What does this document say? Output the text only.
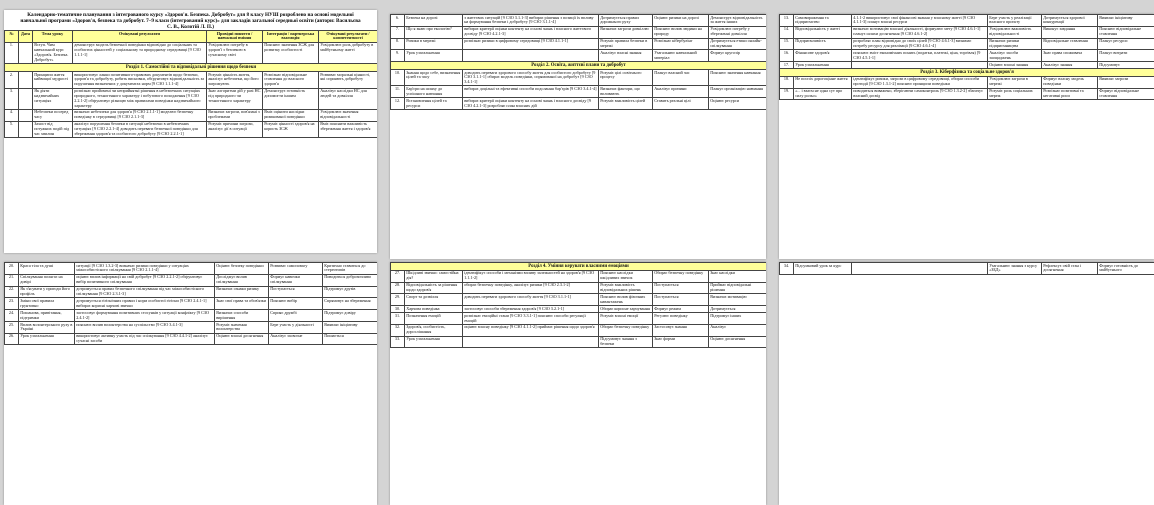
Календарно-тематичне планування з інтегрованого курсу «Здоров'я. Безпека. Добробут» для 8 класу НУШ розроблено на основі модельної навчальної програми «Здоров'я, безпека та добробут. 7–9 класи (інтегрований курс)» для закладів загальної середньої освіти (автори: Васильєва С. В., Колотій Л. П.)
№	Дата	Тема уроку	Очікувані результати	Провідні поняття / навчальні вміння	Інтеграція / партнерська взаємодія	Очікувані результати / компетентності
1.		Вступ. Чим навчальний курс «Здоров'я. Безпека. Добробут»	демонструє модель безпечної поведінки відповідно до соціальних та особистих цінностей у соціальному та природному середовищі [9 СЗО 1.1.1-1]	Усвідомлює потребу в здоров'ї з безпекою в сучасному світі	Пояснює значення ЗСЖ для розвитку особистості	Усвідомлює роль добробуту в майбутньому житті
Розділ 1. Самостійні та відповідальні рішення щодо безпеки						
2.		Принципи життя найвищої мудрості	використовує ланки позитивного-правових документів щодо безпеки, здоров'я та добробуту, робить висновки, обґрунтовує відповідальність за порушення визначених у документах норм [9 СЗО 1.1.1-4]	Розуміє цінність життя, аналізує небезпеки, що його загрожують	Розпізнає відповідальне ставлення до власного здоров'я	Розвиває моральні цінності, які сприяють добробуту
3.		Як діяти надзвичайних ситуаціях	розпізнає прийомені чи неприйнятні рішення в небезпечних ситуаціях природного, техногенного характеру і побутового походження [9 СЗО 2.2.1-2] обґрунтовує різницю між правилами поведінки надзвичайного характеру	Знає алгоритми дій у разі НС під природного чи техногенного характеру	Демонструє готовність допомогти іншим	Аналізує наслідки НС для людей та довкілля
4.		Небезпеки посеред часу	визначає небезпеки для здоров'я [9 СЗО 2.1.1-1] моделює безпечну поведінку в середовищі [9 СЗО 2.1.1-3]	Визначає загрози, пов'язані з проблемами	Вміє оцінити наслідки ризикованої поведінки	Усвідомлює значення відповідальності
5.		Захист від потужних подій під час хвилин	аналізує порушення безпеки в ситуації небезпеки в небезпечних ситуаціях [9 СЗО 2.2.1-4] доводить переваги безпечної поведінки для збереження здоров'я та особистого добробуту [9 СЗО 2.2.1-1]	Розуміє причини загрози, аналізує дії в ситуації	Розуміє цінності здоров'я на користь ЗСЖ	Вміє пояснити важливість збереження життя і здоров'я
6.	Безпека на дорозі	з життєвих ситуацій [9 СЗО 3.1.1-3] вибирає рішення з позиції їх впливу на формування безпеки і добробуту [9 СЗО 3.1.1-4]	Дотримується правил дорожнього руху	Оцінює ризики на дорозі	Демонструє відповідальність за життя інших
7.	Що я знаю про екологію?	вибирає критерії оцінки контенту на основі знань і власного життєвого досвіду [9 СЗО 4.2.1-3]	Визначає загрози довкіллю	Пояснює вплив людини на природу	Усвідомлює потребу у збереженні довкілля
8.	Ризики в мережі	розпізнає ризики в цифровому середовищі [9 СЗО 4.1.1-1]	Розуміє правила безпеки в мережі	Розпізнає кібербулінг	Дотримується етики онлайн-спілкування
9.	Урок узагальнення		Аналізує власні знання	Узагальнює навчальний матеріал	Формує кругозір
Розділ 2. Освіта, життєві плани та добробут					
10.	Знання щодо себе, визначення цілей та часу	доводить переваги здорового способу життя для особистого добробуту [9 СЗО 3.1.1-1] обирає модель поведінки, спрямованої на добробут [9 СЗО 3.4.1-1]	Розуміє цілі освітнього процесу	Планує власний час	Пояснює значення навчання
11.	Бар'єри на шляху до успішного навчання	вибирає доцільні та ефективні способи подолання бар'єрів [9 СЗО 3.4.1-4]	Визначає фактори, що впливають	Аналізує причини	Планує організацію навчання
12.	Встановлення цілей та ресурси	вибирає критерії оцінки контенту на основі знань і власного досвіду [9 СЗО 4.2.1-3] розробляє план власних дій	Розуміє важливість цілей	Ставить реальні цілі	Оцінює ресурси
13.	Самовираження та підприємство	4.1.1-2 використовує свої фінансові знання у власному житті [9 СЗО 4.1.1-3] планує власні ресурси	Бере участь у реалізації власного проєкту	Дотримується здорової конкуренції	Виявляє ініціативу
14.	Відповідальність у житті	визначає мотивацію власної діяльності, формулює мету [9 СЗО 4.6.1-1] планує шляхи досягнення [9 СЗО 4.6.1-2]	Усвідомлює важливість відповідальності	Виконує завдання	Пояснює відповідальне ставлення
15.	Підприємливість	розробляє план відповідно до своїх цілей [9 СЗО 4.6.1-3] визначає потребу ресурсу для реалізації [9 СЗО 4.6.1-4]	Визначає ризики підприємництва	Відповідальне ставлення	Планує ресурси
16.	Фінансове здоров'я	пояснює зміст економічних понять (податки, платежі, ціна, торгівля) [9 СЗО 4.5.1-1]	Аналізує засоби заощаджень	Знає права споживача	Планує витрати
17.	Урок узагальнення		Оцінює власні знання	Аналізує знання	Підсумовує
Розділ 3. Кіберфізика та соціальне здоров'я					
18.	Не поспіх дорогоцінне життя	ідентифікує ризики, загрози в цифровому середовищі, обирає способи протидії [9 СЗО 1.3.1-2] пояснює принципи поведінки	Усвідомлює загрози в мережі	Формує власну модель поведінки	Виявляє загрози
19.	«... і взаєм не одна сут про силу рольо»	поводиться виважено, зберігаючи самоконтроль [9 СЗО 1.3.2-2] збагачує власний досвід	Розуміє роль соціальних мереж	Розпізнає позитивні та негативні риси	Формує відповідальне ставлення
20.	Краса тіла та душі	ситуації [9 СЗО 1.3.2-3] визначає ризики поведінки у ситуаціях міжособистісного спілкування [9 СЗО 2.1.1-4]	Оцінює безпеку поведінки	Розвиває самоповагу	Критично ставиться до стереотипів
21.	Спілкування полягає на довірі	оцінює вплив інформації на свій добробут [9 СЗО 2.2.1-2] обґрунтовує вибір позитивного спілкування	Досліджує вплив спілкування	Формує навички спілкування	Поводиться доброзичливо
22.	Як з'ясувати у пригоди його профіль	дотримується правил безпечного спілкування під час міжособистісного спілкування [9 СЗО 2.3.1-3]	Визначає ознаки ризику	Поступається	Підтримує друзів
23.	Зміни свої правила грунтовно	дотримується гігієнічних правил і норм особистої гігієни [9 СЗО 2.4.1-1] вибирає корисні харчові звички	Знає свої права та обов'язки	Пояснює вибір	Спрямовує на збереження
24.	Пошанова, привітання, підтримки	застосовує формування позитивних стосунків у ситуації конфлікту [9 СЗО 2.4.1-2]	Визначає способи вирішення	Сприяє дружбі	Підтримує довіру
25.	Вплив волонтерського руху в Україні	пояснює вплив волонтерства на суспільство [9 СЗО 3.4.1-3]	Розуміє значення волонтерства	Бере участь у діяльності	Виявляє ініціативу
26.	Урок узагальнення	використовує активну участь під час спілкування [9 СЗО 4.4.1-2] аналізує сучасні засоби	Оцінює власні досягнення	Аналізує засвоєне	Пишається
Розділ 4. Уміння керувати власними емоціями					
27.	Шкідливі звички: самостійна дія?	ідентифікує способи і механізми впливу залежностей на здоров'я [9 СЗО 1.1.1-2]	Пояснює наслідки шкідливих звичок	Обирає безпечну поведінку	Знає наслідки
28.	Відповідальність за рішення щодо здоров'я	обирає безпечну поведінку, аналізує ризики [9 СЗО 2.3.1-2]	Розуміє важливість відповідальних рішень	Поступається	Приймає відповідальні рішення
29.	Спорт та дозвілля	доводить переваги здорового способу життя [9 СЗО 3.1.1-1]	Пояснює вплив фізичних навантажень	Поступається	Визначає мотивацію
30.	Харчова поведінка	застосовує способи збереження здоров'я [9 СЗО 3.2.1-1]	Обирає корисне харчування	Формує режим	Дотримується
31.	Позначення емоцій	розпізнає емоційні стани [9 СЗО 3.3.1-1] пояснює способи регуляції емоцій	Розуміє власні емоції	Регулює поведінку	Підтримує інших
32.	Здоров'я, особистість, дорослішання	оцінює власну поведінку [9 СЗО 4.1.1-2] приймає рішення щодо здоров'я	Обирає безпечну поведінку	Застосовує знання	Аналізує
33.	Урок узагальнення		Підсумовує знання з безпеки	Знає форми	Оцінює досягнення
34.	Підсумковий урок за курс		Узагальнює знання з курсу «ЗБД»	Рефлексує свій стан і досягнення	Формує готовність до майбутнього
